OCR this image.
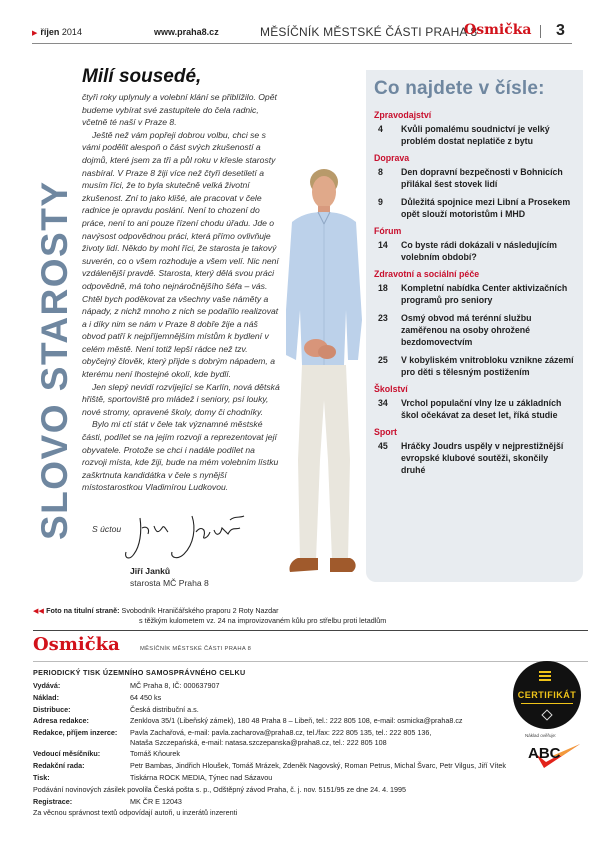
▶ říjen 2014	www.praha8.cz	MĚSÍČNÍK MĚSTSKÉ ČÁSTI PRAHA 8
Osmička 3
SLOVO STAROSTY
Milí sousedé,

čtyři roky uplynuly a volební klání se přiblížilo. Opět budeme vybírat své zastupitele do čela radnic, včetně té naší v Praze 8.

Ještě než vám popřeji dobrou volbu, chci se s vámi podělit alespoň o část svých zkušeností a dojmů, které jsem za tři a půl roku v křesle starosty nasbíral. V Praze 8 žiji více než čtyři desetiletí a musím říci, že to byla skutečně velká životní zkušenost. Zní to jako klišé, ale pracovat v čele radnice je opravdu poslání. Není to chození do práce, není to ani pouze řízení chodu úřadu. Jde o navýsost odpovědnou práci, která přímo ovlivňuje životy lidí. Někdo by mohl říci, že starosta je takový suverén, co o všem rozhoduje a všem velí. Nic není vzdálenější pravdě. Starosta, který dělá svou práci odpovědně, má toho nejnáročnějšího šéfa – vás. Chtěl bych poděkovat za všechny vaše náměty a nápady, z nichž mnoho z nich se podařilo realizovat a i díky nim se nám v Praze 8 dobře žije a náš obvod patří k nejpříjemnějším místům k bydlení v celém městě. Není totiž lepší rádce než tzv. obyčejný člověk, který přijde s dobrým nápadem, a kterému není lhostejné okolí, kde bydlí.

Jen slepý nevidí rozvíjející se Karlín, nová dětská hřiště, sportoviště pro mládež i seniory, psí louky, nové stromy, opravené školy, domy či chodníky.

Bylo mi ctí stát v čele tak významné městské části, podílet se na jejím rozvoji a reprezentovat její obyvatele. Protože se chci i nadále podílet na rozvoji místa, kde žiji, bude na mém volebním lístku zaškrtnuta kandidátka v čele s nynější místostarostkou Vladimírou Ludkovou.

S úctou
Jiří Janků
starosta MČ Praha 8
Co najdete v čísle:
Zpravodajství
4	Kvůli pomalému soudnictví je velký problém dostat neplatiče z bytu
Doprava
8	Den dopravní bezpečnosti v Bohnicích přilákal šest stovek lidí
9	Důležitá spojnice mezi Libní a Prosekem opět slouží motoristům i MHD
Fórum
14	Co byste rádi dokázali v následujícím volebním období?
Zdravotní a sociální péče
18	Kompletní nabídka Center aktivizačních programů pro seniory
23	Osmý obvod má terénní službu zaměřenou na osoby ohrožené bezdomovectvím
25	V kobyliském vnitrobloku vznikne zázemí pro děti s tělesným postižením
Školství
34	Vrchol populační vlny lze u základních škol očekávat za deset let, říká studie
Sport
45	Hráčky Joudrs uspěly v nejprestižnější evropské klubové soutěži, skončily druhé
◀◀ Foto na titulní straně: Svobodník Hraničářského praporu 2 Roty Nazdar
s těžkým kulometem vz. 24 na improvizovaném kůlu pro střelbu proti letadlům
Osmička	MĚSÍČNÍK MĚSTSKÉ ČÁSTI PRAHA 8
PERIODICKÝ TISK ÚZEMNÍHO SAMOSPRÁVNÉHO CELKU
Vydává:	MČ Praha 8, IČ: 000637907
Náklad:	64 450 ks
Distribuce:	Česká distribuční a.s.
Adresa redakce:	Zenklova 35/1 (Libeňský zámek), 180 48 Praha 8 – Libeň, tel.: 222 805 108, e-mail: osmicka@praha8.cz
Redakce, příjem inzerce: Pavla Zachařová, e-mail: pavla.zacharova@praha8.cz, tel./fax: 222 805 135, tel.: 222 805 136,
Nataša Szczepańská, e-mail: natasa.szczepanska@praha8.cz, tel.: 222 805 108
Vedoucí měsíčníku:	Tomáš Kňourek
Redakční rada:	Petr Bambas, Jindřich Hloušek, Tomáš Mrázek, Zdeněk Nagovský, Roman Petrus, Michal Švarc, Petr Vilgus, Jiří Vítek
Tisk:	Tiskárna ROCK MEDIA, Týnec nad Sázavou
Podávání novinových zásilek povolila Česká pošta s. p., Odštěpný závod Praha, č. j. nov. 5151/95 ze dne 24. 4. 1995
Registrace:	MK ČR E 12043
Za věcnou správnost textů odpovídají autoři, u inzerátů inzerenti
CERTIFIKÁT
Náklad ověřuje:
ABC
